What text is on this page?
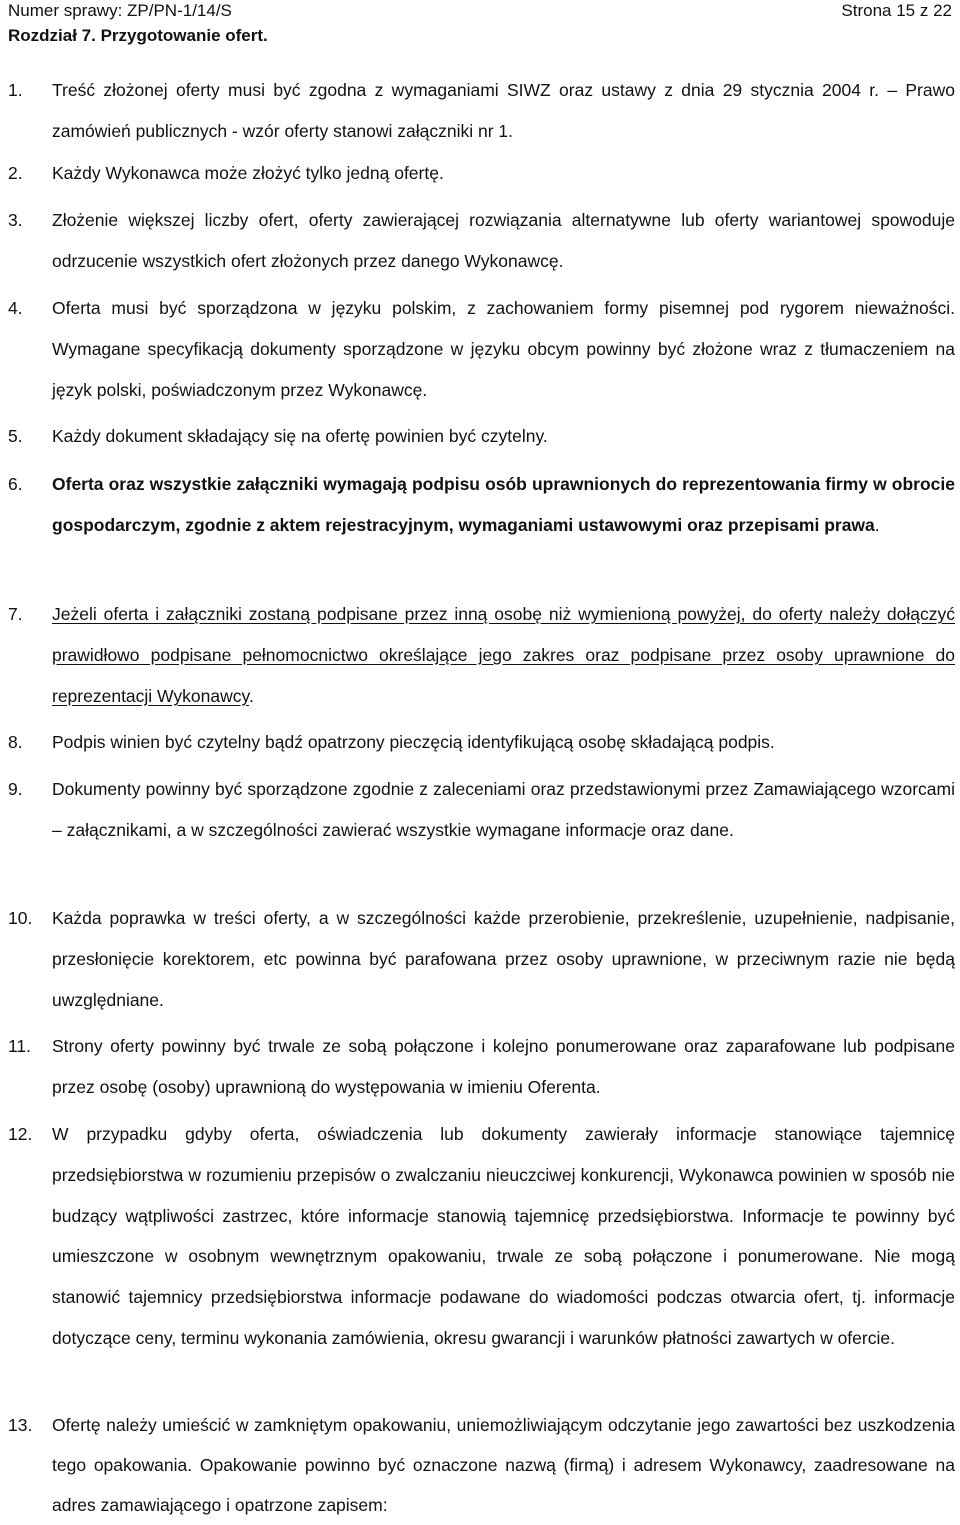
Numer sprawy: ZP/PN-1/14/S	Strona 15 z 22
Rozdział 7. Przygotowanie ofert.
1. Treść złożonej oferty musi być zgodna z wymaganiami SIWZ oraz ustawy z dnia 29 stycznia 2004 r. – Prawo zamówień publicznych - wzór oferty stanowi załączniki nr 1.
2. Każdy Wykonawca może złożyć tylko jedną ofertę.
3. Złożenie większej liczby ofert, oferty zawierającej rozwiązania alternatywne lub oferty wariantowej spowoduje odrzucenie wszystkich ofert złożonych przez danego Wykonawcę.
4. Oferta musi być sporządzona w języku polskim, z zachowaniem formy pisemnej pod rygorem nieważności. Wymagane specyfikacją dokumenty sporządzone w języku obcym powinny być złożone wraz z tłumaczeniem na język polski, poświadczonym przez Wykonawcę.
5. Każdy dokument składający się na ofertę powinien być czytelny.
6. Oferta oraz wszystkie załączniki wymagają podpisu osób uprawnionych do reprezentowania firmy w obrocie gospodarczym, zgodnie z aktem rejestracyjnym, wymaganiami ustawowymi oraz przepisami prawa.
7. Jeżeli oferta i załączniki zostaną podpisane przez inną osobę niż wymienioną powyżej, do oferty należy dołączyć prawidłowo podpisane pełnomocnictwo określające jego zakres oraz podpisane przez osoby uprawnione do reprezentacji Wykonawcy.
8. Podpis winien być czytelny bądź opatrzony pieczęcią identyfikującą osobę składającą podpis.
9. Dokumenty powinny być sporządzone zgodnie z zaleceniami oraz przedstawionymi przez Zamawiającego wzorcami – załącznikami, a w szczególności zawierać wszystkie wymagane informacje oraz dane.
10. Każda poprawka w treści oferty, a w szczególności każde przerobienie, przekreślenie, uzupełnienie, nadpisanie, przesłonięcie korektorem, etc powinna być parafowana przez osoby uprawnione, w przeciwnym razie nie będą uwzględniane.
11. Strony oferty powinny być trwale ze sobą połączone i kolejno ponumerowane oraz zaparafowane lub podpisane przez osobę (osoby) uprawnioną do występowania w imieniu Oferenta.
12. W przypadku gdyby oferta, oświadczenia lub dokumenty zawierały informacje stanowiące tajemnicę przedsiębiorstwa w rozumieniu przepisów o zwalczaniu nieuczciwej konkurencji, Wykonawca powinien w sposób nie budzący wątpliwości zastrzec, które informacje stanowią tajemnicę przedsiębiorstwa. Informacje te powinny być umieszczone w osobnym wewnętrznym opakowaniu, trwale ze sobą połączone i ponumerowane. Nie mogą stanowić tajemnicy przedsiębiorstwa informacje podawane do wiadomości podczas otwarcia ofert, tj. informacje dotyczące ceny, terminu wykonania zamówienia, okresu gwarancji i warunków płatności zawartych w ofercie.
13. Ofertę należy umieścić w zamkniętym opakowaniu, uniemożliwiającym odczytanie jego zawartości bez uszkodzenia tego opakowania. Opakowanie powinno być oznaczone nazwą (firmą) i adresem Wykonawcy, zaadresowane na adres zamawiającego i opatrzone zapisem:
